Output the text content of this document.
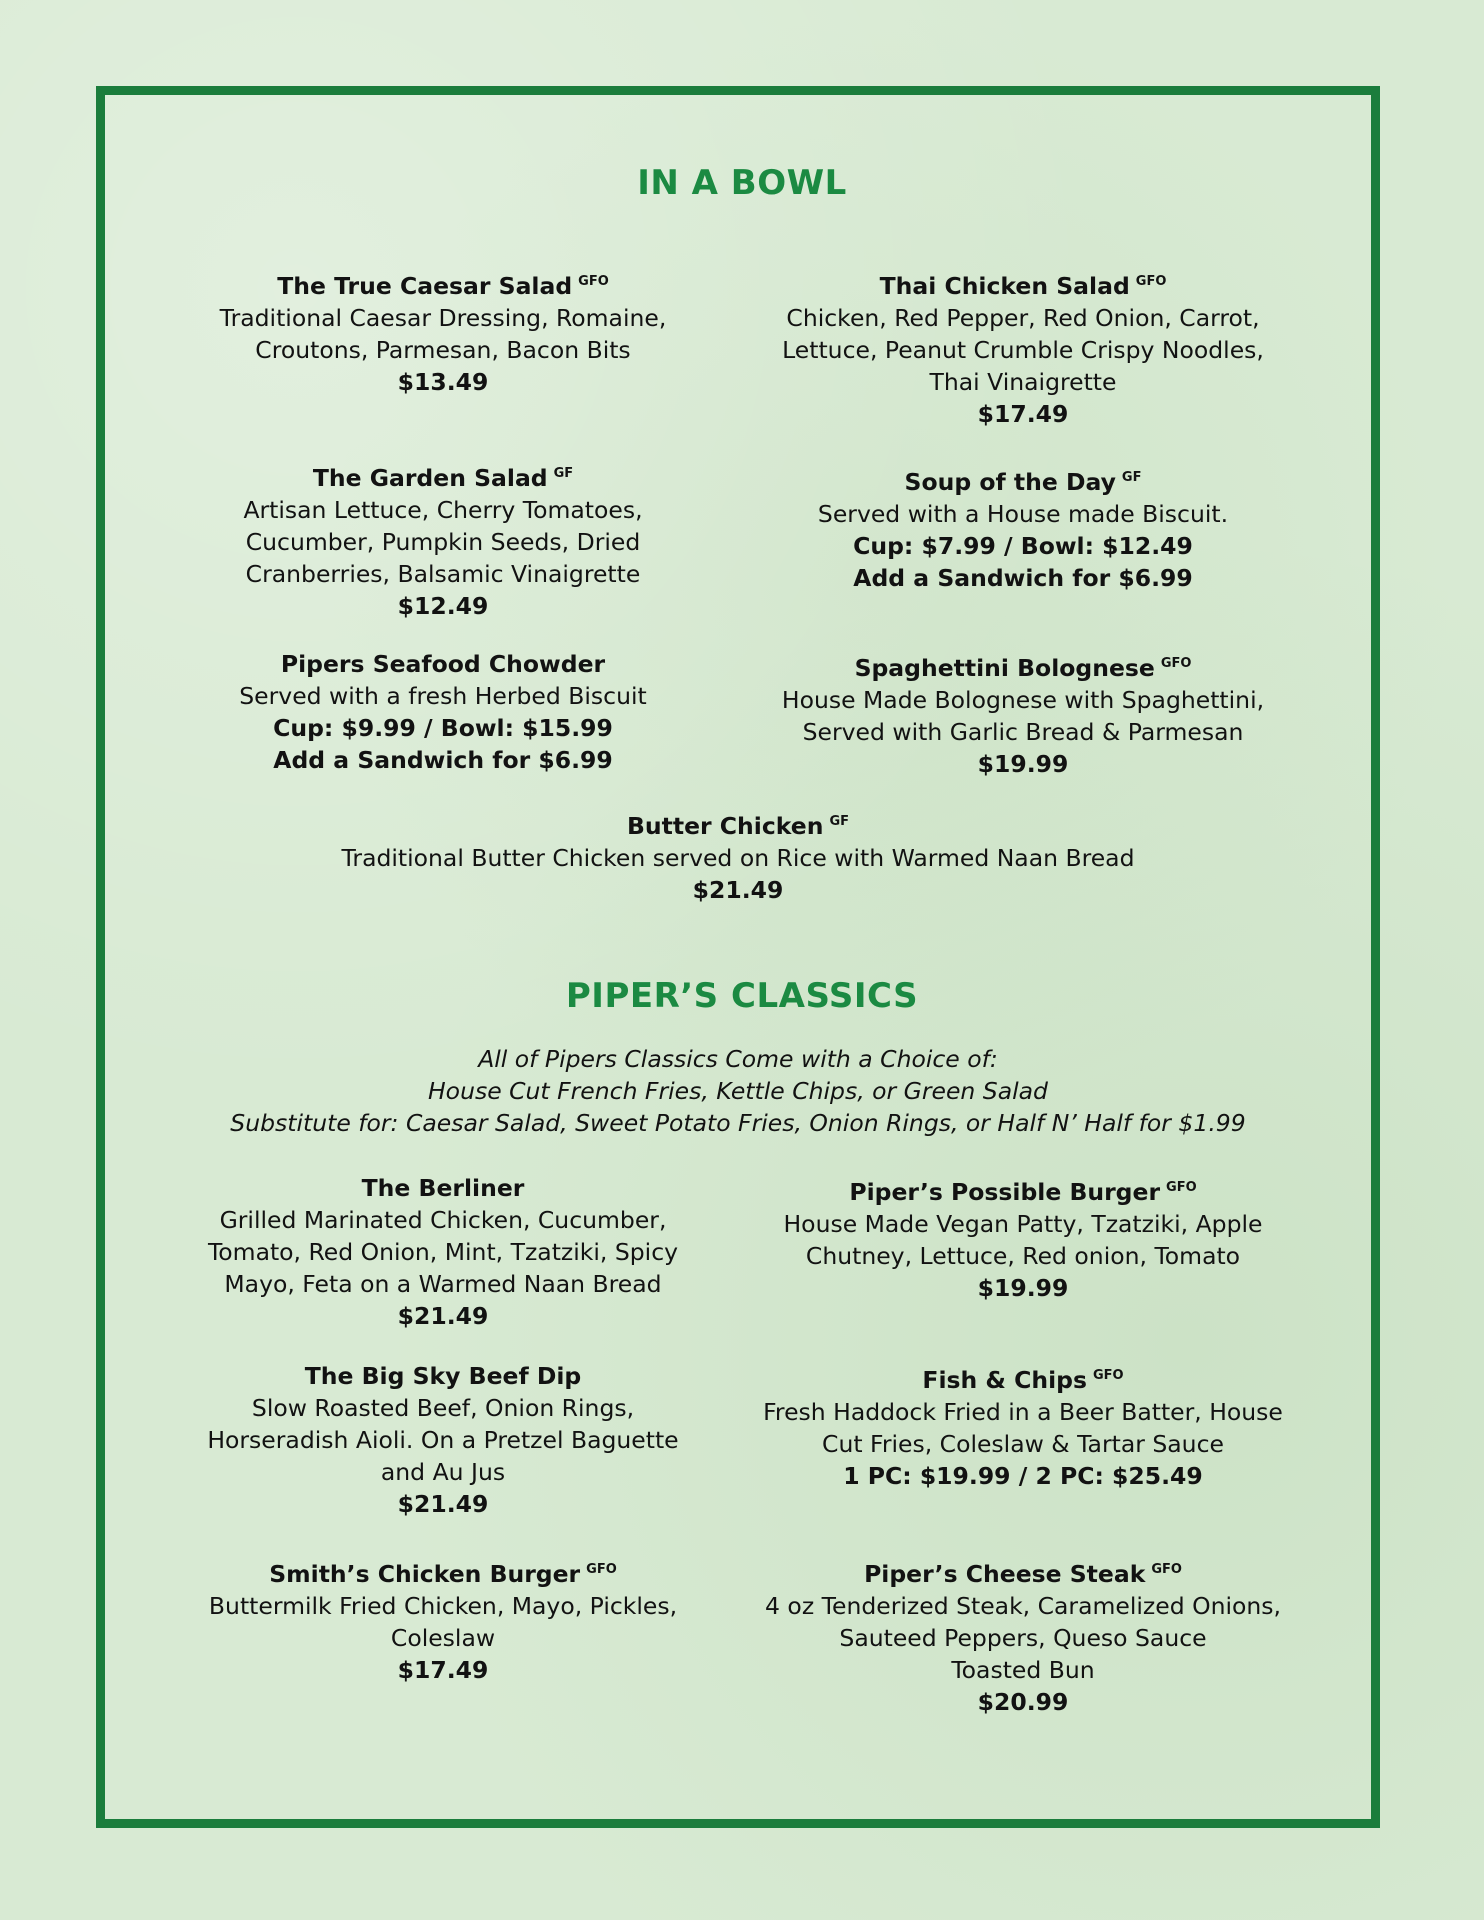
IN A BOWL
The True Caesar Salad $^{GFO}$
Traditional Caesar Dressing, Romaine,
Croutons, Parmesan, Bacon Bits
$13.49
Thai Chicken Salad $^{GFO}$
Chicken, Red Pepper, Red Onion, Carrot,
Lettuce, Peanut Crumble Crispy Noodles,
Thai Vinaigrette
$17.49
The Garden Salad $^{GF}$
Artisan Lettuce, Cherry Tomatoes,
Cucumber, Pumpkin Seeds, Dried
Cranberries, Balsamic Vinaigrette
$12.49
Soup of the Day $^{GF}$
Served with a House made Biscuit.
Cup: $7.99 / Bowl: $12.49
Add a Sandwich for $6.99
Pipers Seafood Chowder
Served with a fresh Herbed Biscuit
Cup: $9.99 / Bowl: $15.99
Add a Sandwich for $6.99
Spaghettini Bolognese $^{GFO}$
House Made Bolognese with Spaghettini,
Served with Garlic Bread & Parmesan
$19.99
Butter Chicken $^{GF}$
Traditional Butter Chicken served on Rice with Warmed Naan Bread
$21.49
PIPER’S CLASSICS
All of Pipers Classics Come with a Choice of:
House Cut French Fries, Kettle Chips, or Green Salad
Substitute for: Caesar Salad, Sweet Potato Fries, Onion Rings, or Half N’ Half for $1.99
The Berliner
Grilled Marinated Chicken, Cucumber,
Tomato, Red Onion, Mint, Tzatziki, Spicy
Mayo, Feta on a Warmed Naan Bread
$21.49
Piper’s Possible Burger $^{GFO}$
House Made Vegan Patty, Tzatziki, Apple
Chutney, Lettuce, Red onion, Tomato
$19.99
The Big Sky Beef Dip
Slow Roasted Beef, Onion Rings,
Horseradish Aioli. On a Pretzel Baguette
and Au Jus
$21.49
Fish & Chips $^{GFO}$
Fresh Haddock Fried in a Beer Batter, House
Cut Fries, Coleslaw & Tartar Sauce
1 PC: $19.99 / 2 PC: $25.49
Smith’s Chicken Burger $^{GFO}$
Buttermilk Fried Chicken, Mayo, Pickles,
Coleslaw
$17.49
Piper’s Cheese Steak $^{GFO}$
4 oz Tenderized Steak, Caramelized Onions,
Sauteed Peppers, Queso Sauce
Toasted Bun
$20.99
